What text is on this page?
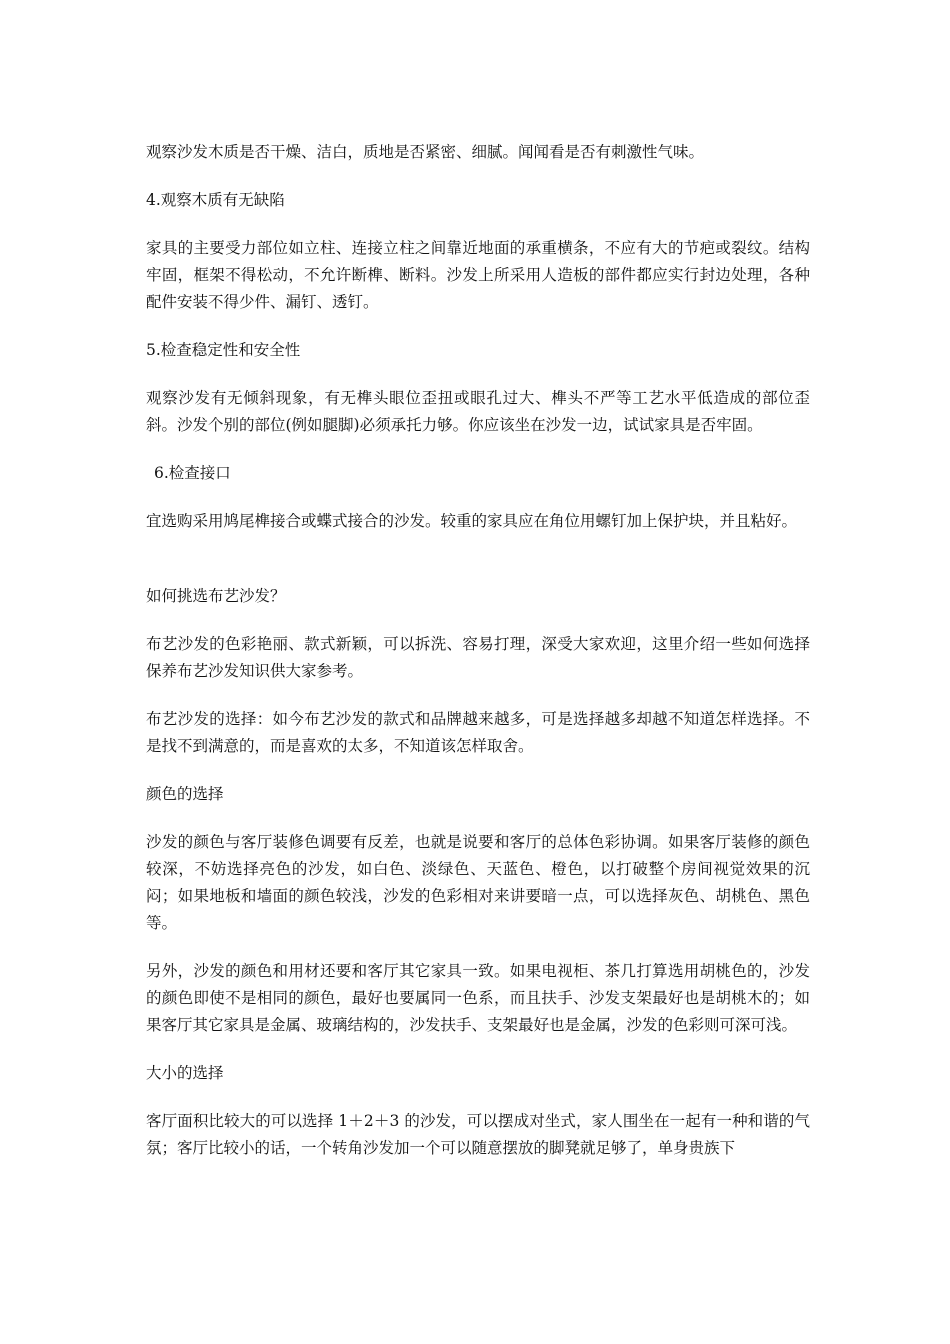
观察沙发木质是否干燥、洁白，质地是否紧密、细腻。闻闻看是否有刺激性气味。

4.观察木质有无缺陷

家具的主要受力部位如立柱、连接立柱之间靠近地面的承重横条，不应有大的节疤或裂纹。结构牢固，框架不得松动，不允许断榫、断料。沙发上所采用人造板的部件都应实行封边处理，各种配件安装不得少件、漏钉、透钉。

5.检查稳定性和安全性

观察沙发有无倾斜现象，有无榫头眼位歪扭或眼孔过大、榫头不严等工艺水平低造成的部位歪斜。沙发个别的部位(例如腿脚)必须承托力够。你应该坐在沙发一边，试试家具是否牢固。

6.检查接口

宜选购采用鸠尾榫接合或蝶式接合的沙发。较重的家具应在角位用螺钉加上保护块，并且粘好。

如何挑选布艺沙发？

布艺沙发的色彩艳丽、款式新颖，可以拆洗、容易打理，深受大家欢迎，这里介绍一些如何选择保养布艺沙发知识供大家参考。

布艺沙发的选择：如今布艺沙发的款式和品牌越来越多，可是选择越多却越不知道怎样选择。不是找不到满意的，而是喜欢的太多，不知道该怎样取舍。

颜色的选择

沙发的颜色与客厅装修色调要有反差，也就是说要和客厅的总体色彩协调。如果客厅装修的颜色较深，不妨选择亮色的沙发，如白色、淡绿色、天蓝色、橙色，以打破整个房间视觉效果的沉闷；如果地板和墙面的颜色较浅，沙发的色彩相对来讲要暗一点，可以选择灰色、胡桃色、黑色等。

另外，沙发的颜色和用材还要和客厅其它家具一致。如果电视柜、茶几打算选用胡桃色的，沙发的颜色即使不是相同的颜色，最好也要属同一色系，而且扶手、沙发支架最好也是胡桃木的；如果客厅其它家具是金属、玻璃结构的，沙发扶手、支架最好也是金属，沙发的色彩则可深可浅。

大小的选择

客厅面积比较大的可以选择 1＋2＋3 的沙发，可以摆成对坐式，家人围坐在一起有一种和谐的气氛；客厅比较小的话，一个转角沙发加一个可以随意摆放的脚凳就足够了，单身贵族下
